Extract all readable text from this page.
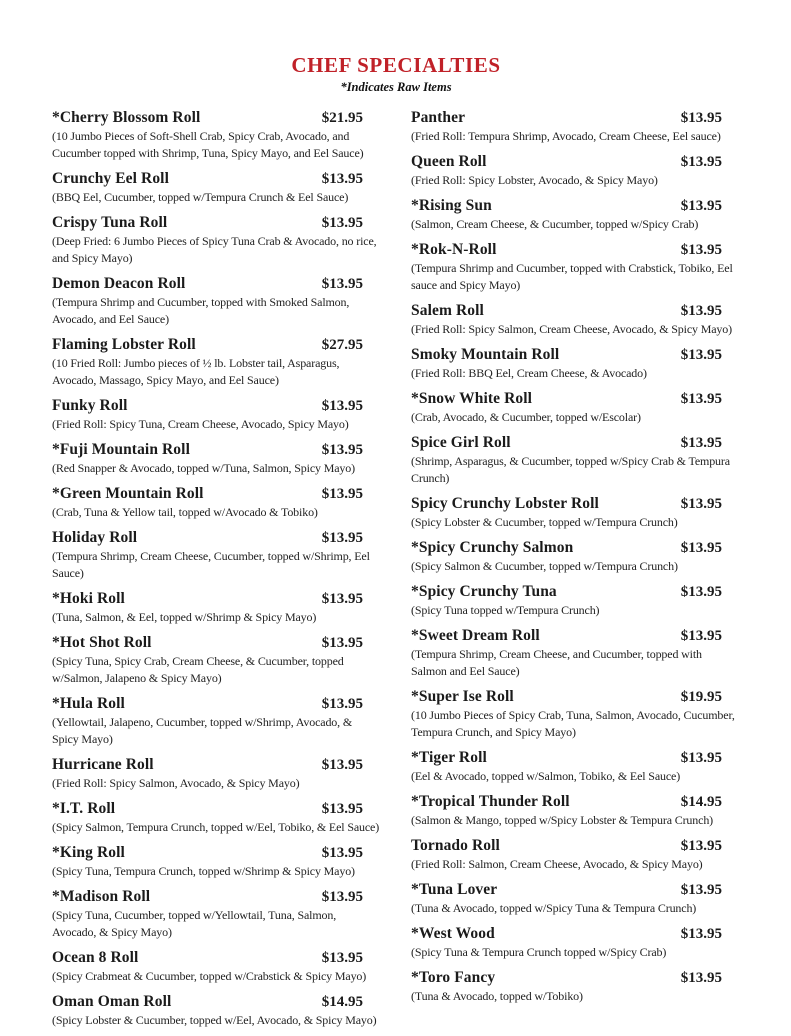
CHEF SPECIALTIES
*Indicates Raw Items
*Cherry Blossom Roll	$21.95
(10 Jumbo Pieces of Soft-Shell Crab, Spicy Crab, Avocado, and Cucumber topped with Shrimp, Tuna, Spicy Mayo, and Eel Sauce)
Crunchy Eel Roll	$13.95
(BBQ Eel, Cucumber, topped w/Tempura Crunch & Eel Sauce)
Crispy Tuna Roll	$13.95
(Deep Fried: 6 Jumbo Pieces of Spicy Tuna Crab & Avocado, no rice, and Spicy Mayo)
Demon Deacon Roll	$13.95
(Tempura Shrimp and Cucumber, topped with Smoked Salmon, Avocado, and Eel Sauce)
Flaming Lobster Roll	$27.95
(10 Fried Roll: Jumbo pieces of ½ lb. Lobster tail, Asparagus, Avocado, Massago, Spicy Mayo, and Eel Sauce)
Funky Roll	$13.95
(Fried Roll: Spicy Tuna, Cream Cheese, Avocado, Spicy Mayo)
*Fuji Mountain Roll	$13.95
(Red Snapper & Avocado, topped w/Tuna, Salmon, Spicy Mayo)
*Green Mountain Roll	$13.95
(Crab, Tuna & Yellow tail, topped w/Avocado & Tobiko)
Holiday Roll	$13.95
(Tempura Shrimp, Cream Cheese, Cucumber, topped w/Shrimp, Eel Sauce)
*Hoki Roll	$13.95
(Tuna, Salmon, & Eel, topped w/Shrimp & Spicy Mayo)
*Hot Shot Roll	$13.95
(Spicy Tuna, Spicy Crab, Cream Cheese, & Cucumber, topped w/Salmon, Jalapeno & Spicy Mayo)
*Hula Roll	$13.95
(Yellowtail, Jalapeno, Cucumber, topped w/Shrimp, Avocado, & Spicy Mayo)
Hurricane Roll	$13.95
(Fried Roll: Spicy Salmon, Avocado, & Spicy Mayo)
*I.T. Roll	$13.95
(Spicy Salmon, Tempura Crunch, topped w/Eel, Tobiko, & Eel Sauce)
*King Roll	$13.95
(Spicy Tuna, Tempura Crunch, topped w/Shrimp & Spicy Mayo)
*Madison Roll	$13.95
(Spicy Tuna, Cucumber, topped w/Yellowtail, Tuna, Salmon, Avocado, & Spicy Mayo)
Ocean 8 Roll	$13.95
(Spicy Crabmeat & Cucumber, topped w/Crabstick & Spicy Mayo)
Oman Oman Roll	$14.95
(Spicy Lobster & Cucumber, topped w/Eel, Avocado, & Spicy Mayo)
Panther	$13.95
(Fried Roll: Tempura Shrimp, Avocado, Cream Cheese, Eel sauce)
Queen Roll	$13.95
(Fried Roll: Spicy Lobster, Avocado, & Spicy Mayo)
*Rising Sun	$13.95
(Salmon, Cream Cheese, & Cucumber, topped w/Spicy Crab)
*Rok-N-Roll	$13.95
(Tempura Shrimp and Cucumber, topped with Crabstick, Tobiko, Eel sauce and Spicy Mayo)
Salem Roll	$13.95
(Fried Roll: Spicy Salmon, Cream Cheese, Avocado, & Spicy Mayo)
Smoky Mountain Roll	$13.95
(Fried Roll: BBQ Eel, Cream Cheese, & Avocado)
*Snow White Roll	$13.95
(Crab, Avocado, & Cucumber, topped w/Escolar)
Spice Girl Roll	$13.95
(Shrimp, Asparagus, & Cucumber, topped w/Spicy Crab & Tempura Crunch)
Spicy Crunchy Lobster Roll	$13.95
(Spicy Lobster & Cucumber, topped w/Tempura Crunch)
*Spicy Crunchy Salmon	$13.95
(Spicy Salmon & Cucumber, topped w/Tempura Crunch)
*Spicy Crunchy Tuna	$13.95
(Spicy Tuna topped w/Tempura Crunch)
*Sweet Dream Roll	$13.95
(Tempura Shrimp, Cream Cheese, and Cucumber, topped with Salmon and Eel Sauce)
*Super Ise Roll	$19.95
(10 Jumbo Pieces of Spicy Crab, Tuna, Salmon, Avocado, Cucumber, Tempura Crunch, and Spicy Mayo)
*Tiger Roll	$13.95
(Eel & Avocado, topped w/Salmon, Tobiko, & Eel Sauce)
*Tropical Thunder Roll	$14.95
(Salmon & Mango, topped w/Spicy Lobster & Tempura Crunch)
Tornado Roll	$13.95
(Fried Roll: Salmon, Cream Cheese, Avocado, & Spicy Mayo)
*Tuna Lover	$13.95
(Tuna & Avocado, topped w/Spicy Tuna & Tempura Crunch)
*West Wood	$13.95
(Spicy Tuna & Tempura Crunch topped w/Spicy Crab)
*Toro Fancy	$13.95
(Tuna & Avocado, topped w/Tobiko)
